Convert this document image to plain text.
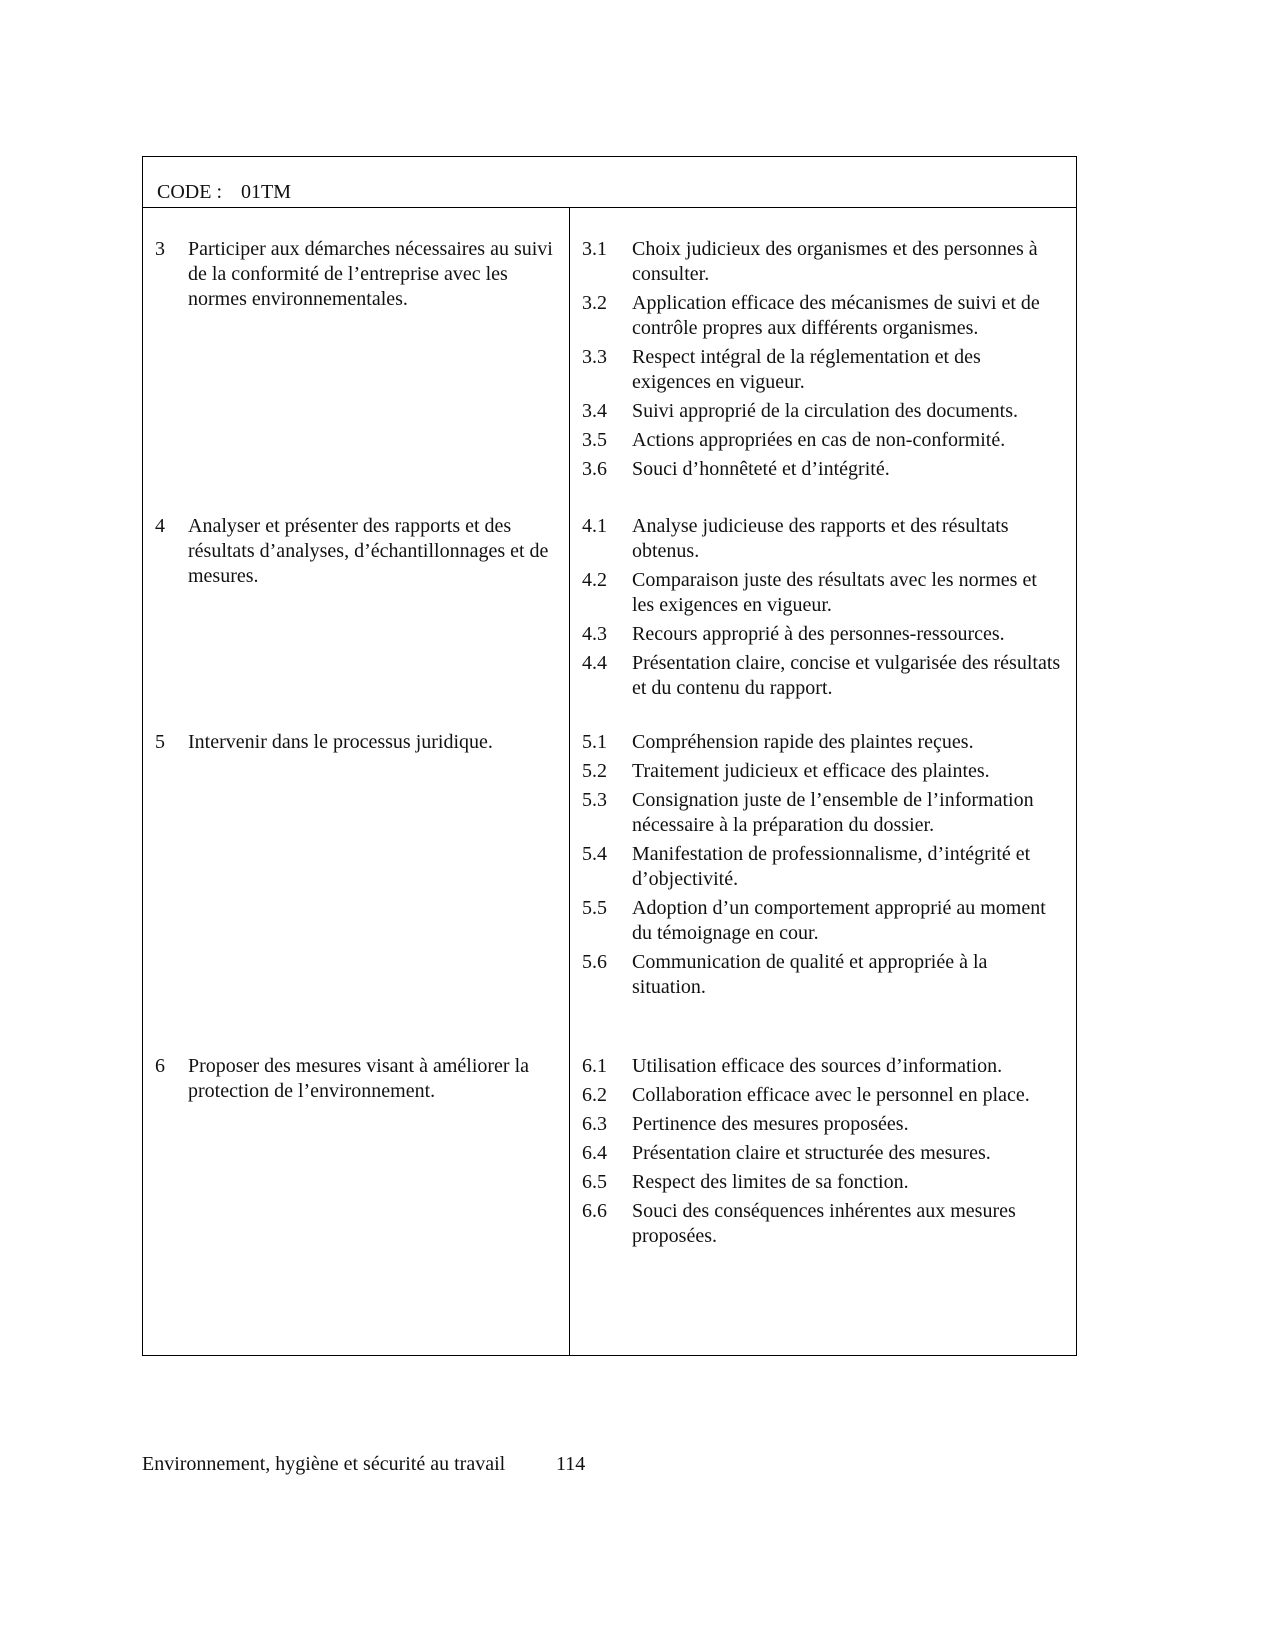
CODE : 01TM
3 Participer aux démarches nécessaires au suivi de la conformité de l’entreprise avec les normes environnementales.
3.1	Choix judicieux des organismes et des personnes à consulter.
3.2	Application efficace des mécanismes de suivi et de contrôle propres aux différents organismes.
3.3	Respect intégral de la réglementation et des exigences en vigueur.
3.4	Suivi approprié de la circulation des documents.
3.5	Actions appropriées en cas de non-conformité.
3.6	Souci d’honnêteté et d’intégrité.
4 Analyser et présenter des rapports et des résultats d’analyses, d’échantillonnages et de mesures.
4.1	Analyse judicieuse des rapports et des résultats obtenus.
4.2	Comparaison juste des résultats avec les normes et les exigences en vigueur.
4.3	Recours approprié à des personnes-ressources.
4.4	Présentation claire, concise et vulgarisée des résultats et du contenu du rapport.
5 Intervenir dans le processus juridique.	5.1	Compréhension rapide des plaintes reçues.
5.2	Traitement judicieux et efficace des plaintes.
5.3	Consignation juste de l’ensemble de l’information nécessaire à la préparation du dossier.
5.4	Manifestation de professionnalisme, d’intégrité et d’objectivité.
5.5	Adoption d’un comportement approprié au moment du témoignage en cour.
5.6	Communication de qualité et appropriée à la situation.
6 Proposer des mesures visant à améliorer la protection de l’environnement.
6.1	Utilisation efficace des sources d’information.
6.2	Collaboration efficace avec le personnel en place.
6.3	Pertinence des mesures proposées.
6.4	Présentation claire et structurée des mesures.
6.5	Respect des limites de sa fonction.
6.6	Souci des conséquences inhérentes aux mesures proposées.
Environnement, hygiène et sécurité au travail	114
